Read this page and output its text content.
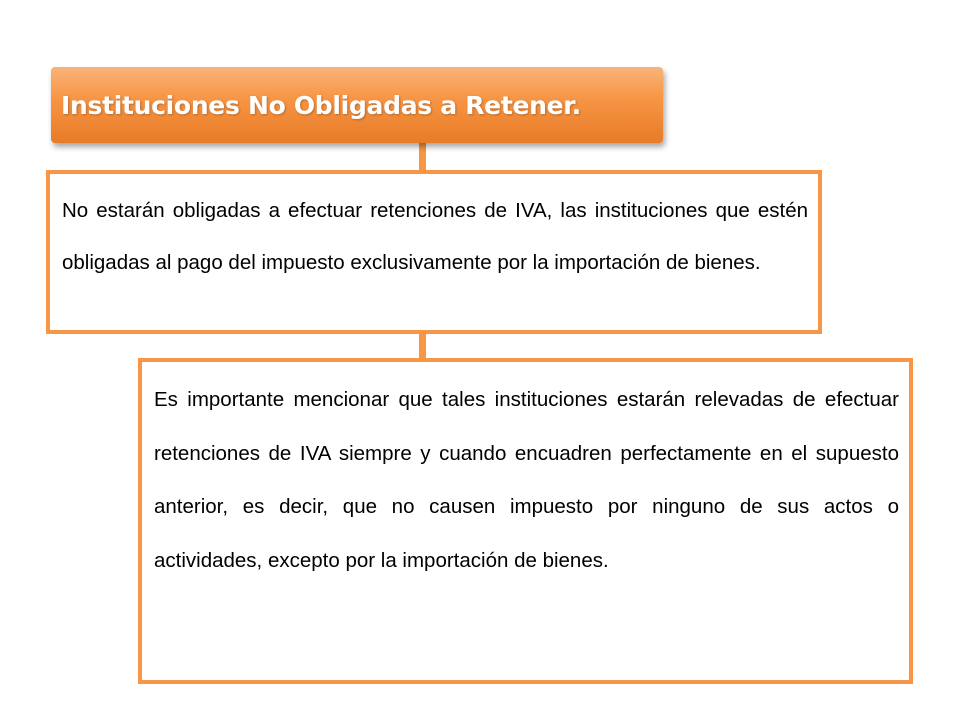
Instituciones No Obligadas a Retener.
No estarán obligadas a efectuar retenciones de IVA, las instituciones que estén obligadas al pago del impuesto exclusivamente por la importación de bienes.
Es importante mencionar que tales instituciones estarán relevadas de efectuar retenciones de IVA siempre y cuando encuadren perfectamente en el supuesto anterior, es decir, que no causen impuesto por ninguno de sus actos o actividades, excepto por la importación de bienes.
